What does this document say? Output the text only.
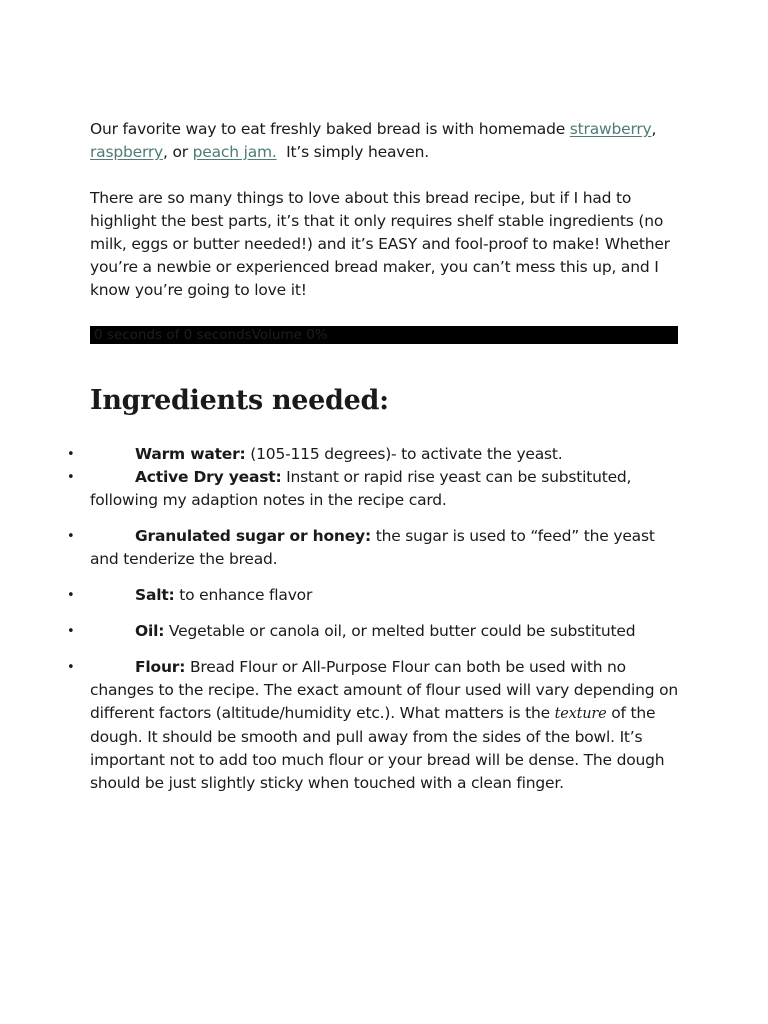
Our favorite way to eat freshly baked bread is with homemade strawberry, raspberry, or peach jam.  It’s simply heaven.

There are so many things to love about this bread recipe, but if I had to highlight the best parts, it’s that it only requires shelf stable ingredients (no milk, eggs or butter needed!) and it’s EASY and fool-proof to make! Whether you’re a newbie or experienced bread maker, you can’t mess this up, and I know you’re going to love it!

0 seconds of 0 secondsVolume 0%
Ingredients needed:
•	Warm water: (105-115 degrees)- to activate the yeast.
•	Active Dry yeast: Instant or rapid rise yeast can be substituted, following my adaption notes in the recipe card.
•	Granulated sugar or honey: the sugar is used to “feed” the yeast and tenderize the bread.
•	Salt: to enhance flavor
•	Oil: Vegetable or canola oil, or melted butter could be substituted
•	Flour: Bread Flour or All-Purpose Flour can both be used with no changes to the recipe. The exact amount of flour used will vary depending on different factors (altitude/humidity etc.). What matters is the texture of the dough. It should be smooth and pull away from the sides of the bowl. It’s important not to add too much flour or your bread will be dense. The dough should be just slightly sticky when touched with a clean finger.
